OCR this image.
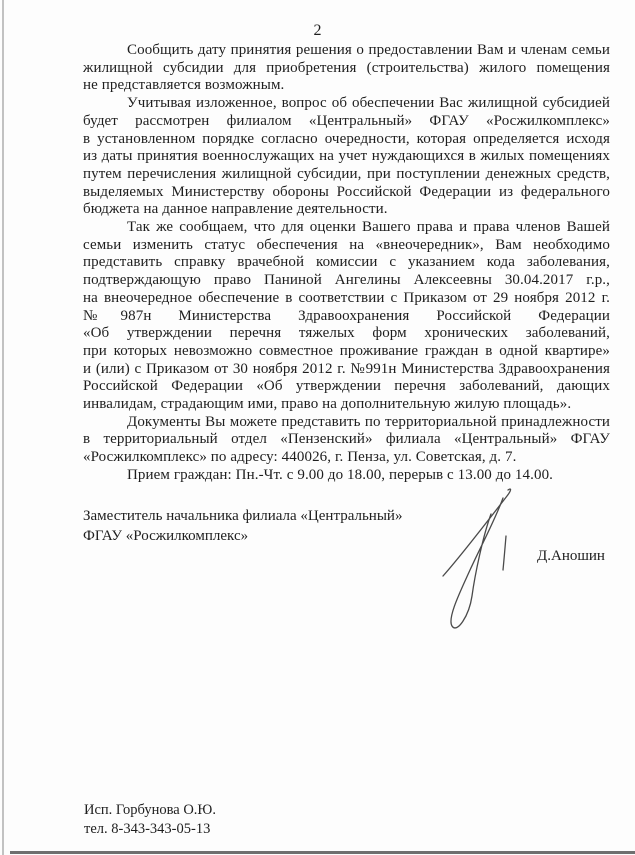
2
Сообщить дату принятия решения о предоставлении Вам и членам семьи
жилищной субсидии для приобретения (строительства) жилого помещения
не представляется возможным.
Учитывая изложенное, вопрос об обеспечении Вас жилищной субсидией
будет рассмотрен филиалом «Центральный» ФГАУ «Росжилкомплекс»
в установленном порядке согласно очередности, которая определяется исходя
из даты принятия военнослужащих на учет нуждающихся в жилых помещениях
путем перечисления жилищной субсидии, при поступлении денежных средств,
выделяемых Министерству обороны Российской Федерации из федерального
бюджета на данное направление деятельности.
Так же сообщаем, что для оценки Вашего права и права членов Вашей
семьи изменить статус обеспечения на «внеочередник», Вам необходимо
представить справку врачебной комиссии с указанием кода заболевания,
подтверждающую право Паниной Ангелины Алексеевны 30.04.2017 г.р.,
на внеочередное обеспечение в соответствии с Приказом от 29 ноября 2012 г.
№987н Министерства Здравоохранения Российской Федерации
«Об утверждении перечня тяжелых форм хронических заболеваний,
при которых невозможно совместное проживание граждан в одной квартире»
и (или) с Приказом от 30 ноября 2012 г. №991н Министерства Здравоохранения
Российской Федерации «Об утверждении перечня заболеваний, дающих
инвалидам, страдающим ими, право на дополнительную жилую площадь».
Документы Вы можете представить по территориальной принадлежности
в территориальный отдел «Пензенский» филиала «Центральный» ФГАУ
«Росжилкомплекс» по адресу: 440026, г. Пенза, ул. Советская, д. 7.
Прием граждан: Пн.-Чт. с 9.00 до 18.00, перерыв с 13.00 до 14.00.
Заместитель начальника филиала «Центральный»
ФГАУ «Росжилкомплекс»
Д.Аношин
Исп. Горбунова О.Ю.
тел. 8-343-343-05-13
